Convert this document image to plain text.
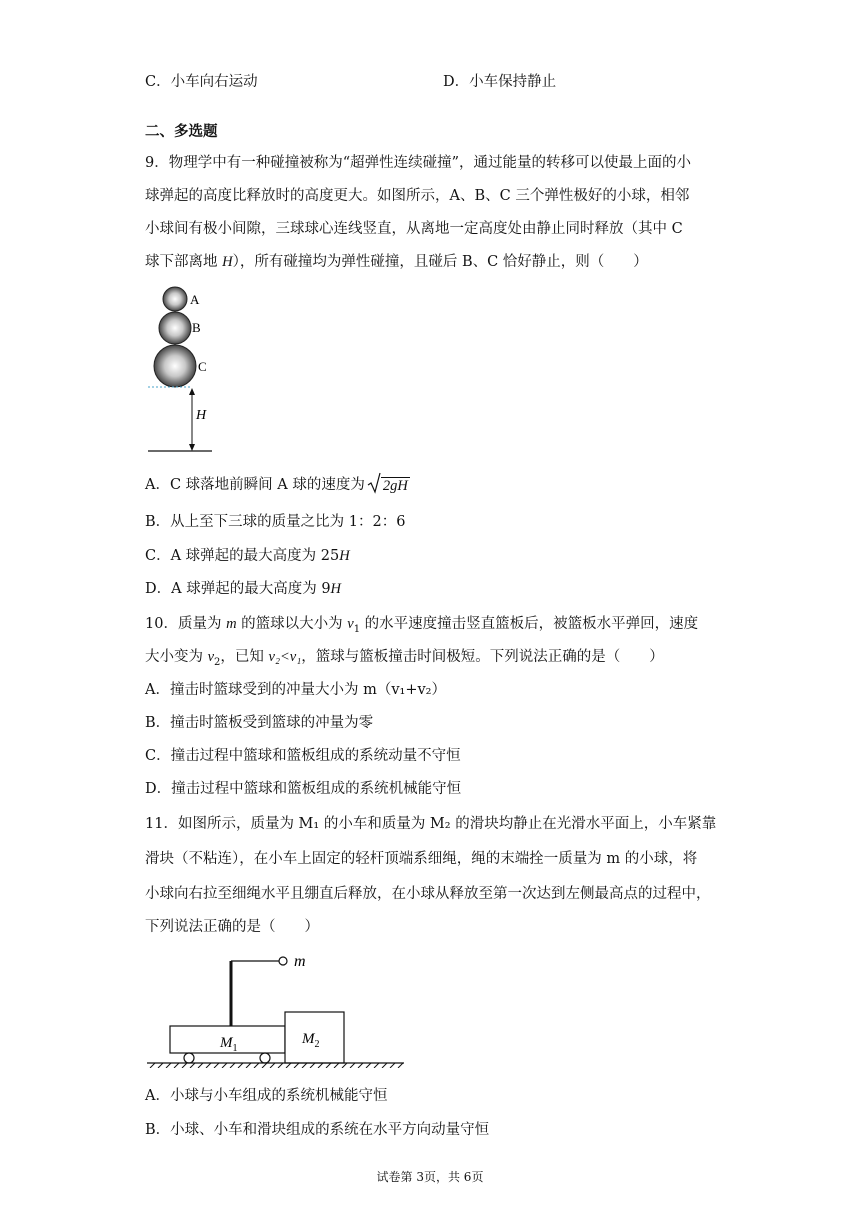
C．小车向右运动	D．小车保持静止
二、多选题
9．物理学中有一种碰撞被称为“超弹性连续碰撞”，通过能量的转移可以使最上面的小
球弹起的高度比释放时的高度更大。如图所示，A、B、C 三个弹性极好的小球，相邻
小球间有极小间隙，三球球心连线竖直，从离地一定高度处由静止同时释放（其中 C
球下部离地 H），所有碰撞均为弹性碰撞，且碰后 B、C 恰好静止，则（　　）
A
B
C
H
A．C 球落地前瞬间 A 球的速度为 2gH
B．从上至下三球的质量之比为 1：2：6
C．A 球弹起的最大高度为 25H
D．A 球弹起的最大高度为 9H
10．质量为 m 的篮球以大小为 $v_1$ 的水平速度撞击竖直篮板后，被篮板水平弹回，速度
大小变为 $v_2$，已知 v₂<v₁，篮球与篮板撞击时间极短。下列说法正确的是（　　）
A．撞击时篮球受到的冲量大小为 m（v₁+v₂）
B．撞击时篮板受到篮球的冲量为零
C．撞击过程中篮球和篮板组成的系统动量不守恒
D．撞击过程中篮球和篮板组成的系统机械能守恒
11．如图所示，质量为 M₁ 的小车和质量为 M₂ 的滑块均静止在光滑水平面上，小车紧靠
滑块（不粘连），在小车上固定的轻杆顶端系细绳，绳的末端拴一质量为 m 的小球，将
小球向右拉至细绳水平且绷直后释放，在小球从释放至第一次达到左侧最高点的过程中，
下列说法正确的是（　　）
m
$M_1$
$M_2$
A．小球与小车组成的系统机械能守恒
B．小球、小车和滑块组成的系统在水平方向动量守恒
试卷第 3页，共 6页
